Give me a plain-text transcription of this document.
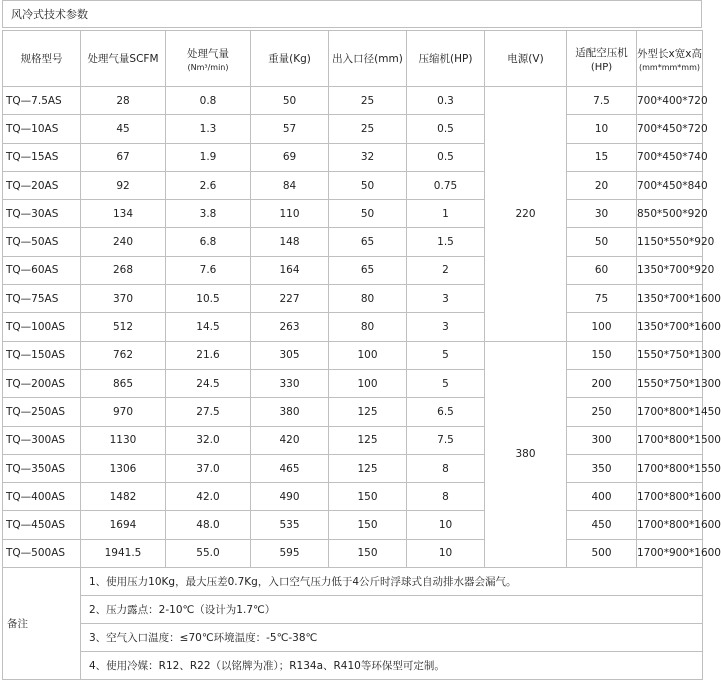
风冷式技术参数
规格型号	处理气量SCFM	处理气量
(Nm³/min)	重量(Kg)	出入口径(mm)	压缩机(HP)	电源(V)	适配空压机
(HP)	外型长x宽x高
(mm*mm*mm)

TQ—7.5AS	28	0.8	50	25	0.3	220	7.5	700*400*720
TQ—10AS	45	1.3	57	25	0.5		10	700*450*720
TQ—15AS	67	1.9	69	32	0.5		15	700*450*740
TQ—20AS	92	2.6	84	50	0.75		20	700*450*840
TQ—30AS	134	3.8	110	50	1		30	850*500*920
TQ—50AS	240	6.8	148	65	1.5		50	1150*550*920
TQ—60AS	268	7.6	164	65	2		60	1350*700*920
TQ—75AS	370	10.5	227	80	3		75	1350*700*1600
TQ—100AS	512	14.5	263	80	3		100	1350*700*1600
TQ—150AS	762	21.6	305	100	5	380	150	1550*750*1300
TQ—200AS	865	24.5	330	100	5		200	1550*750*1300
TQ—250AS	970	27.5	380	125	6.5		250	1700*800*1450
TQ—300AS	1130	32.0	420	125	7.5		300	1700*800*1500
TQ—350AS	1306	37.0	465	125	8		350	1700*800*1550
TQ—400AS	1482	42.0	490	150	8		400	1700*800*1600
TQ—450AS	1694	48.0	535	150	10		450	1700*800*1600
TQ—500AS	1941.5	55.0	595	150	10		500	1700*900*1600
备注	1、使用压力10Kg，最大压差0.7Kg，入口空气压力低于4公斤时浮球式自动排水器会漏气。							
	2、压力露点：2-10℃（设计为1.7℃）							
	3、空气入口温度：≤70℃环境温度：-5℃-38℃							
	4、使用冷媒：R12、R22（以铭牌为准）；R134a、R410等环保型可定制。							
